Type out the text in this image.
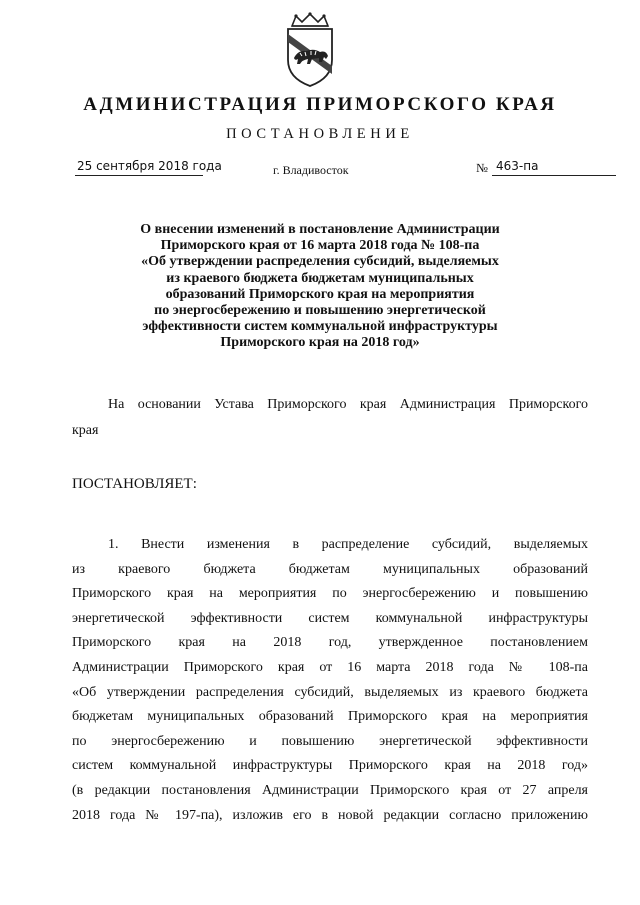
АДМИНИСТРАЦИЯ ПРИМОРСКОГО КРАЯ
ПОСТАНОВЛЕНИЕ
25 сентября 2018 года	г. Владивосток	№ 463-па
О внесении изменений в постановление Администрации
Приморского края от 16 марта 2018 года № 108-па
«Об утверждении распределения субсидий, выделяемых
из краевого бюджета бюджетам муниципальных
образований Приморского края на мероприятия
по энергосбережению и повышению энергетической
эффективности систем коммунальной инфраструктуры
Приморского края на 2018 год»
На основании Устава Приморского края Администрация Приморского
края
ПОСТАНОВЛЯЕТ:
1. Внести изменения в распределение субсидий, выделяемых
из краевого бюджета бюджетам муниципальных образований
Приморского края на мероприятия по энергосбережению и повышению
энергетической эффективности систем коммунальной инфраструктуры
Приморского края на 2018 год, утвержденное постановлением
Администрации Приморского края от 16 марта 2018 года № 108-па
«Об утверждении распределения субсидий, выделяемых из краевого бюджета
бюджетам муниципальных образований Приморского края на мероприятия
по энергосбережению и повышению энергетической эффективности
систем коммунальной инфраструктуры Приморского края на 2018 год»
(в редакции постановления Администрации Приморского края от 27 апреля
2018 года № 197-па), изложив его в новой редакции согласно приложению
